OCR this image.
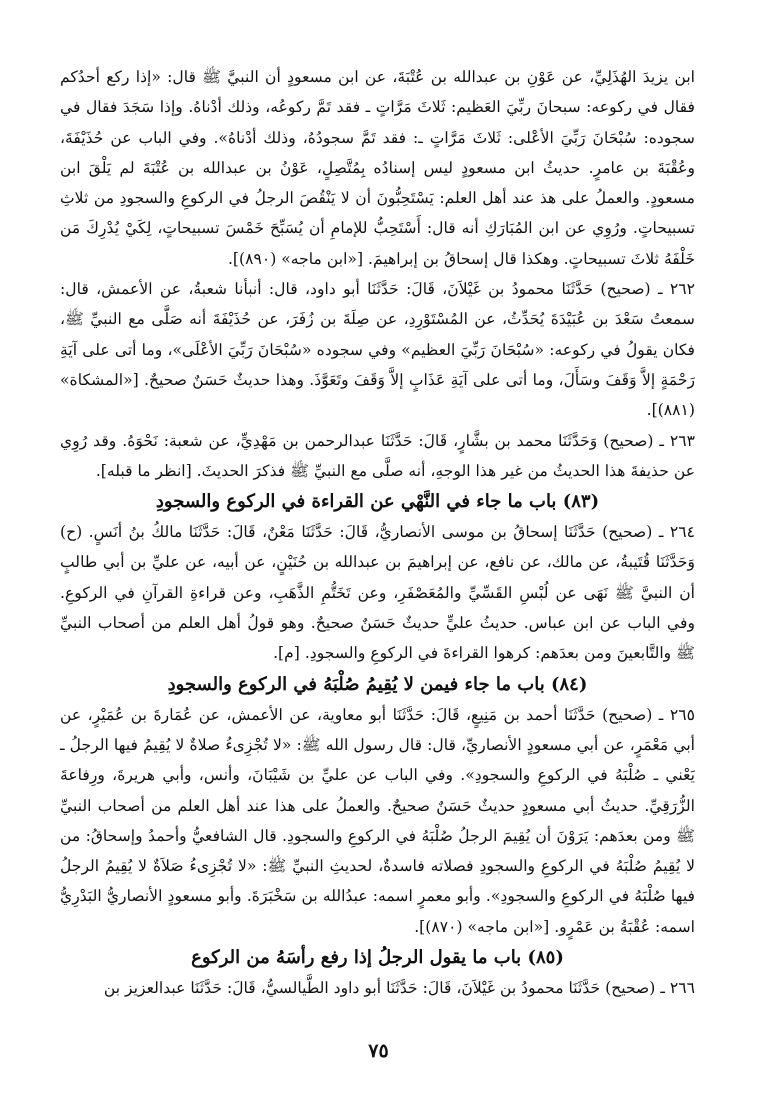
ابن يزيدَ الهُذَلِيِّ، عن عَوْنِ بن عبدالله بن عُتْبَةَ، عن ابن مسعودٍ أن النبيَّ ﷺ قال: «إذا ركع أحدُكم فقال في ركوعه: سبحانَ ربِّيَ العَظيم: ثَلاثَ مَرَّاتٍ ـ فقد تَمَّ ركوعُه، وذلك أدْناهُ. وإذا سَجَدَ فقال في سجوده: سُبْحَانَ رَبِّيَ الأعْلى: ثَلاثَ مَرَّاتٍ ـ: فقد تَمَّ سجودُهُ، وذلك أدْناهُ». وفي الباب عن حُذَيْفَةَ، وعُقْبَةَ بن عامرٍ. حديثُ ابن مسعودٍ ليس إسنادُه بِمُتَّصِلٍ، عَوْنُ بن عبدالله بن عُتْبَةَ لم يَلْقَ ابن مسعودٍ. والعملُ على هذ عند أهل العلم: يَسْتَحِبُّونَ أن لا يَنْقُصَ الرجلُ في الركوعِ والسجودِ من ثلاثِ تسبيحاتٍ. ورُوِي عن ابن المُبَارَكِ أنه قال: أَسْتَحِبُّ للإمامِ أن يُسَبِّحَ خَمْسَ تسبيحاتٍ، لِكَيْ يُدْرِكَ مَن خَلْفَهُ ثلاثَ تسبيحاتٍ. وهكذا قال إسحاقُ بن إبراهيمَ. [«ابن ماجه» (٨٩٠)].

٢٦٢ ـ (صحيح) حَدَّثَنَا محمودُ بن غَيْلاَنَ، قَالَ: حَدَّثَنَا أبو داود، قال: أنبأنا شعبةُ، عن الأعمش، قال: سمعتُ سَعْدَ بن عُبَيْدَةَ يُحَدِّثُ، عن المُسْتَوْرِدِ، عن صِلَةَ بن زُفَرَ، عن حُذَيْفَةَ أنه صَلَّى مع النبيِّ ﷺ، فكان يقولُ في ركوعه: «سُبْحَانَ رَبِّيَ العظيم» وفي سجوده «سُبْحَانَ رَبِّيَ الأعْلَى»، وما أتى على آيَةِ رَحْمَةٍ إلاَّ وَقَفَ وسَأَلَ، وما أتى على آيَةِ عَذَابٍ إلاَّ وَقَفَ وتَعَوَّذَ. وهذا حديثٌ حَسَنٌ صحيحٌ. [«المشكاة» (٨٨١)].

٢٦٣ ـ (صحيح) وَحَدَّثَنَا محمد بن بشَّارٍ، قَالَ: حَدَّثَنَا عبدالرحمن بن مَهْدِيٍّ، عن شعبة: نَحْوَهُ. وقد رُوِي عن حذيفةَ هذا الحديثُ من غير هذا الوجهِ، أنه صلَّى مع النبيِّ ﷺ فذكرَ الحديثَ. [انظر ما قبله].

(٨٣) باب ما جاء في النَّهْي عن القراءة في الركوع والسجودِ

٢٦٤ ـ (صحيح) حَدَّثَنَا إسحاقُ بن موسى الأنصاريُّ، قَالَ: حَدَّثَنَا مَعْنٌ، قَالَ: حَدَّثَنَا مالكُ بنُ أنَسٍ. (ح) وَحَدَّثَنَا قُتَيبةُ، عن مالك، عن نافع، عن إبراهيمَ بن عبدالله بن حُنَيْنٍ، عن أبيه، عن عليِّ بن أبي طالبٍ أن النبيَّ ﷺ نَهَى عن لُبْسِ القَسِّيِّ والمُعَصْفَرِ، وعن تَخَتُّمِ الذَّهَبِ، وعن قراءةِ القرآنِ في الركوعِ. وفي الباب عن ابن عباس. حديثُ عليٍّ حديثٌ حَسَنٌ صحيحٌ. وهو قولُ أهل العلم من أصحاب النبيِّ ﷺ والتَّابعينَ ومن بعدَهم: كرهوا القراءةَ في الركوعِ والسجودِ. [م].

(٨٤) باب ما جاء فيمن لا يُقِيمُ صُلْبَهُ في الركوع والسجودِ

٢٦٥ ـ (صحيح) حَدَّثَنَا أحمد بن مَنِيعٍ، قَالَ: حَدَّثَنَا أبو معاوية، عن الأعمش، عن عُمَارةَ بن عُمَيْرٍ، عن أبي مَعْمَرٍ، عن أبي مسعودٍ الأنصاريِّ، قال: قال رسول الله ﷺ: «لا تُجْزِىءُ صلاةٌ لا يُقِيمُ فيها الرجلُ ـ يَعْني ـ صُلْبَهُ في الركوعِ والسجودِ». وفي الباب عن عليِّ بن شَيْبَانَ، وأنس، وأبي هريرةَ، ورِفاعةَ الزُّرَقِيِّ. حديثُ أبي مسعودٍ حديثٌ حَسَنٌ صحيحٌ. والعملُ على هذا عند أهل العلم من أصحاب النبيِّ ﷺ ومن بعدَهم: يَرَوْنَ أن يُقِيمَ الرجلُ صُلْبَهُ في الركوعِ والسجودِ. قال الشافعيُّ وأحمدُ وإسحاقُ: من لا يُقِيمُ صُلْبَهُ في الركوعِ والسجودِ فصلاته فاسدةٌ، لحديثِ النبيِّ ﷺ: «لا تُجْزِىءُ صَلاَةٌ لا يُقِيمُ الرجلُ فيها صُلْبَهُ في الركوعِ والسجودِ». وأبو معمرٍ اسمه: عبدُالله بن سَخْبَرَةَ. وأبو مسعودٍ الأنصاريُّ البَدْرِيُّ اسمه: عُقْبَةُ بن عَمْرٍو. [«ابن ماجه» (٨٧٠)].

(٨٥) باب ما يقول الرجلُ إذا رفع رأسَهُ من الركوع

٢٦٦ ـ (صحيح) حَدَّثَنَا محمودُ بن غَيْلاَنَ، قَالَ: حَدَّثَنَا أبو داود الطَّيالسيُّ، قَالَ: حَدَّثَنَا عبدالعزيز بن

٧٥
